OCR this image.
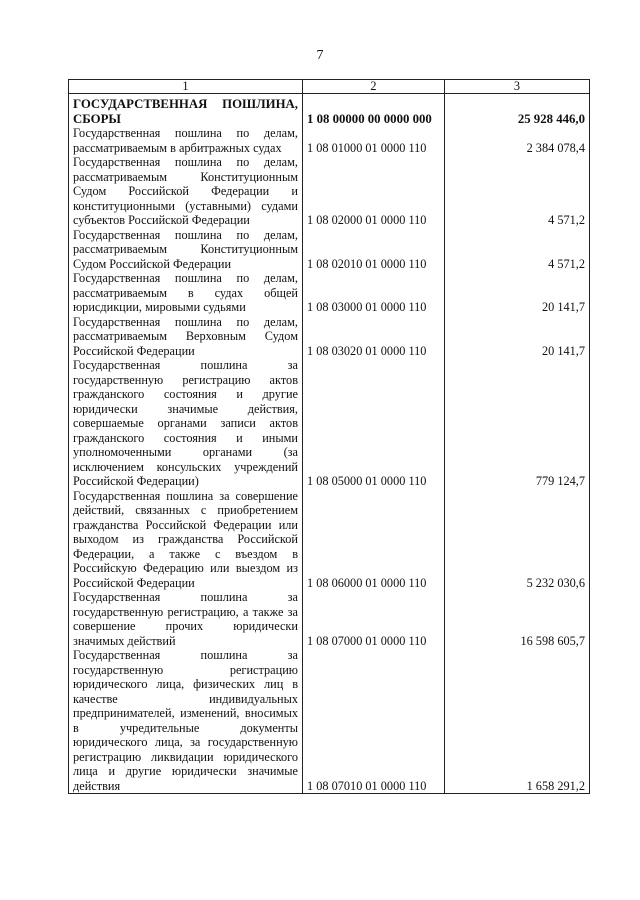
7
1	2	3
ГОСУДАРСТВЕННАЯ ПОШЛИНА, СБОРЫ	1 08 00000 00 0000 000	25 928 446,0
Государственная пошлина по делам, рассматриваемым в арбитражных судах	1 08 01000 01 0000 110	2 384 078,4
Государственная пошлина по делам, рассматриваемым Конституционным Судом Российской Федерации и конституционными (уставными) судами субъектов Российской Федерации	1 08 02000 01 0000 110	4 571,2
Государственная пошлина по делам, рассматриваемым Конституционным Судом Российской Федерации	1 08 02010 01 0000 110	4 571,2
Государственная пошлина по делам, рассматриваемым в судах общей юрисдикции, мировыми судьями	1 08 03000 01 0000 110	20 141,7
Государственная пошлина по делам, рассматриваемым Верховным Судом Российской Федерации	1 08 03020 01 0000 110	20 141,7
Государственная пошлина за государственную регистрацию актов гражданского состояния и другие юридически значимые действия, совершаемые органами записи актов гражданского состояния и иными уполномоченными органами (за исключением консульских учреждений Российской Федерации)	1 08 05000 01 0000 110	779 124,7
Государственная пошлина за совершение действий, связанных с приобретением гражданства Российской Федерации или выходом из гражданства Российской Федерации, а также с въездом в Российскую Федерацию или выездом из Российской Федерации	1 08 06000 01 0000 110	5 232 030,6
Государственная пошлина за государственную регистрацию, а также за совершение прочих юридически значимых действий	1 08 07000 01 0000 110	16 598 605,7
Государственная пошлина за государственную регистрацию юридического лица, физических лиц в качестве индивидуальных предпринимателей, изменений, вносимых в учредительные документы юридического лица, за государственную регистрацию ликвидации юридического лица и другие юридически значимые действия	1 08 07010 01 0000 110	1 658 291,2
